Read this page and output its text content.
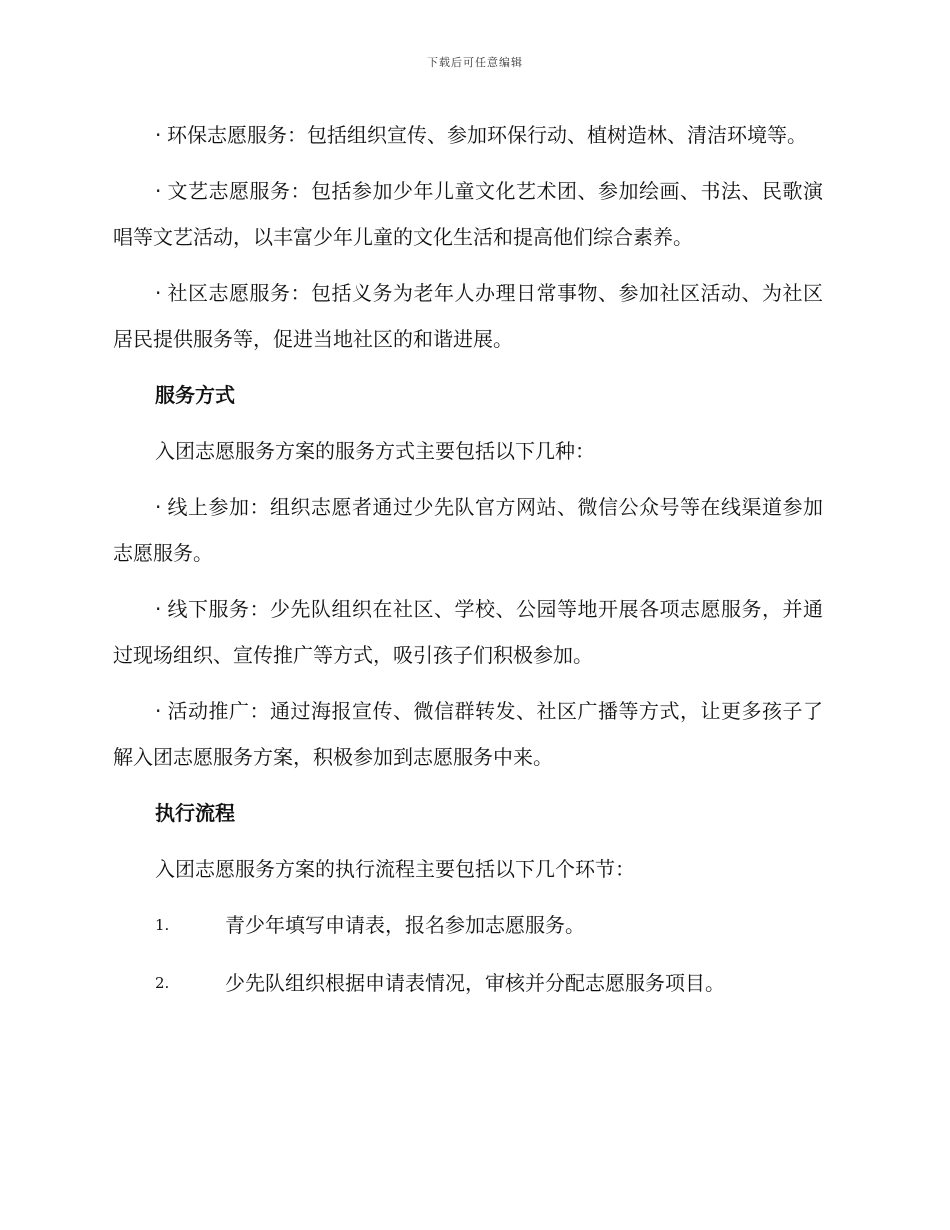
下载后可任意编辑

· 环保志愿服务：包括组织宣传、参加环保行动、植树造林、清洁环境等。

· 文艺志愿服务：包括参加少年儿童文化艺术团、参加绘画、书法、民歌演唱等文艺活动，以丰富少年儿童的文化生活和提高他们综合素养。

· 社区志愿服务：包括义务为老年人办理日常事物、参加社区活动、为社区居民提供服务等，促进当地社区的和谐进展。

服务方式

入团志愿服务方案的服务方式主要包括以下几种：

· 线上参加：组织志愿者通过少先队官方网站、微信公众号等在线渠道参加志愿服务。

· 线下服务：少先队组织在社区、学校、公园等地开展各项志愿服务，并通过现场组织、宣传推广等方式，吸引孩子们积极参加。

· 活动推广：通过海报宣传、微信群转发、社区广播等方式，让更多孩子了解入团志愿服务方案，积极参加到志愿服务中来。

执行流程

入团志愿服务方案的执行流程主要包括以下几个环节：

1.	青少年填写申请表，报名参加志愿服务。
2.	少先队组织根据申请表情况，审核并分配志愿服务项目。
